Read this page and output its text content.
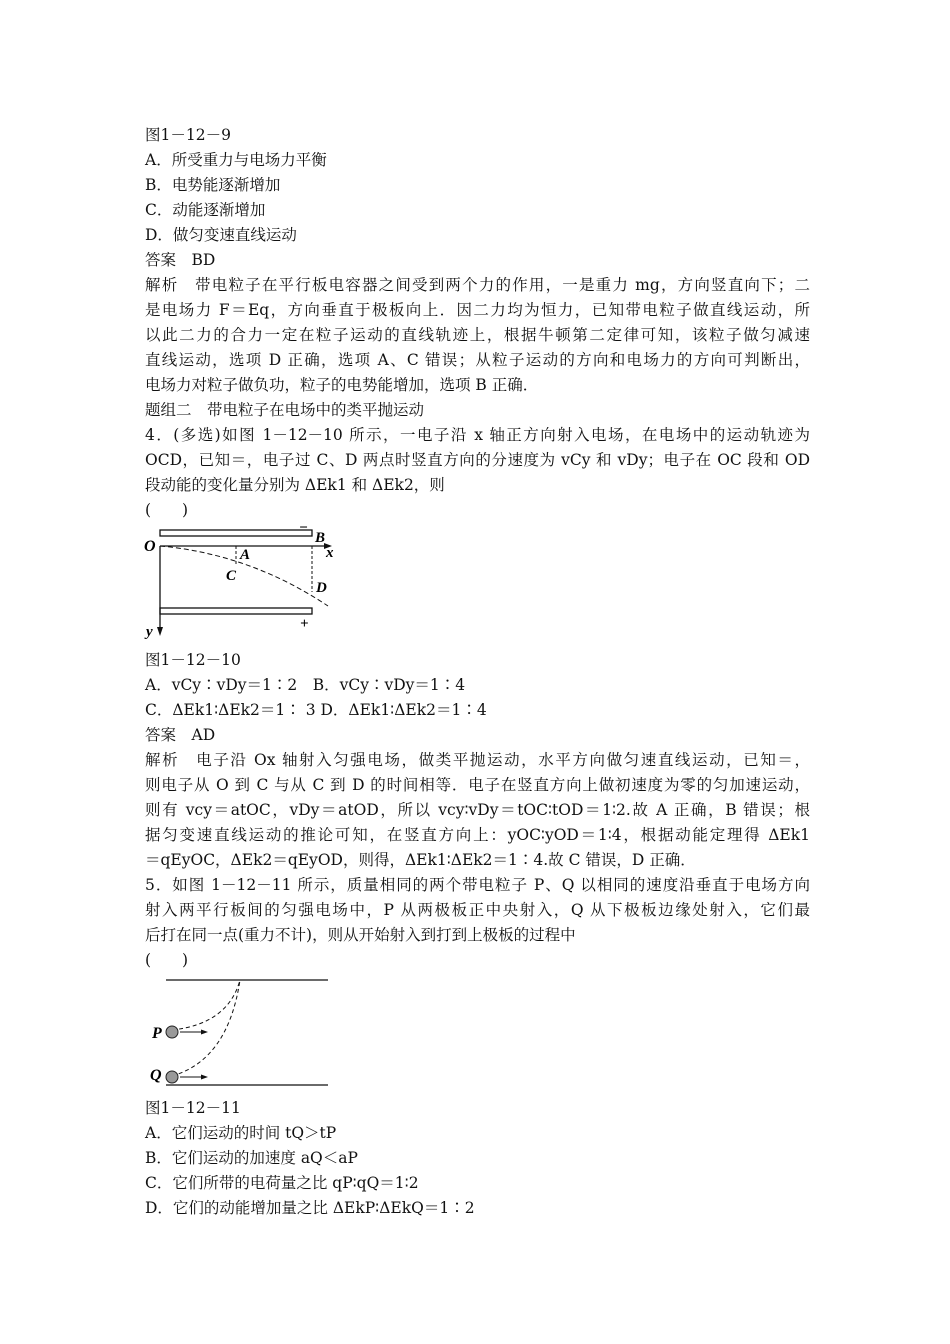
图1－12－9
A．所受重力与电场力平衡
B．电势能逐渐增加
C．动能逐渐增加
D．做匀变速直线运动
答案　BD
解析　带电粒子在平行板电容器之间受到两个力的作用，一是重力 mg，方向竖直向下；二
是电场力 F＝Eq，方向垂直于极板向上．因二力均为恒力，已知带电粒子做直线运动，所
以此二力的合力一定在粒子运动的直线轨迹上，根据牛顿第二定律可知，该粒子做匀减速
直线运动，选项 D 正确，选项 A、C 错误；从粒子运动的方向和电场力的方向可判断出，
电场力对粒子做负功，粒子的电势能增加，选项 B 正确．
题组二　带电粒子在电场中的类平抛运动
4．(多选)如图 1－12－10 所示，一电子沿 x 轴正方向射入电场，在电场中的运动轨迹为
OCD，已知＝，电子过 C、D 两点时竖直方向的分速度为 vCy 和 vDy；电子在 OC 段和 OD
段动能的变化量分别为 ΔEk1 和 ΔEk2，则
(　　)
O	B
x
A
C
D
y
−
+
图1－12－10
A．vCy∶vDy＝1∶2　B．vCy∶vDy＝1∶4
C．ΔEk1∶ΔEk2＝1∶ 3 D．ΔEk1∶ΔEk2＝1∶4
答案　AD
解析　电子沿 Ox 轴射入匀强电场，做类平抛运动，水平方向做匀速直线运动，已知＝，
则电子从 O 到 C 与从 C 到 D 的时间相等．电子在竖直方向上做初速度为零的匀加速运动，
则有 vcy＝atOC，vDy＝atOD，所以 vcy∶vDy＝tOC∶tOD＝1∶2.故 A 正确，B 错误；根
据匀变速直线运动的推论可知，在竖直方向上：yOC∶yOD＝1∶4，根据动能定理得 ΔEk1
＝qEyOC，ΔEk2＝qEyOD，则得，ΔEk1∶ΔEk2＝1∶4.故 C 错误，D 正确．
5．如图 1－12－11 所示，质量相同的两个带电粒子 P、Q 以相同的速度沿垂直于电场方向
射入两平行板间的匀强电场中，P 从两极板正中央射入，Q 从下极板边缘处射入，它们最
后打在同一点(重力不计)，则从开始射入到打到上极板的过程中
(　　)
P
Q
图1－12－11
A．它们运动的时间 tQ＞tP
B．它们运动的加速度 aQ＜aP
C．它们所带的电荷量之比 qP∶qQ＝1∶2
D．它们的动能增加量之比 ΔEkP∶ΔEkQ＝1∶2
